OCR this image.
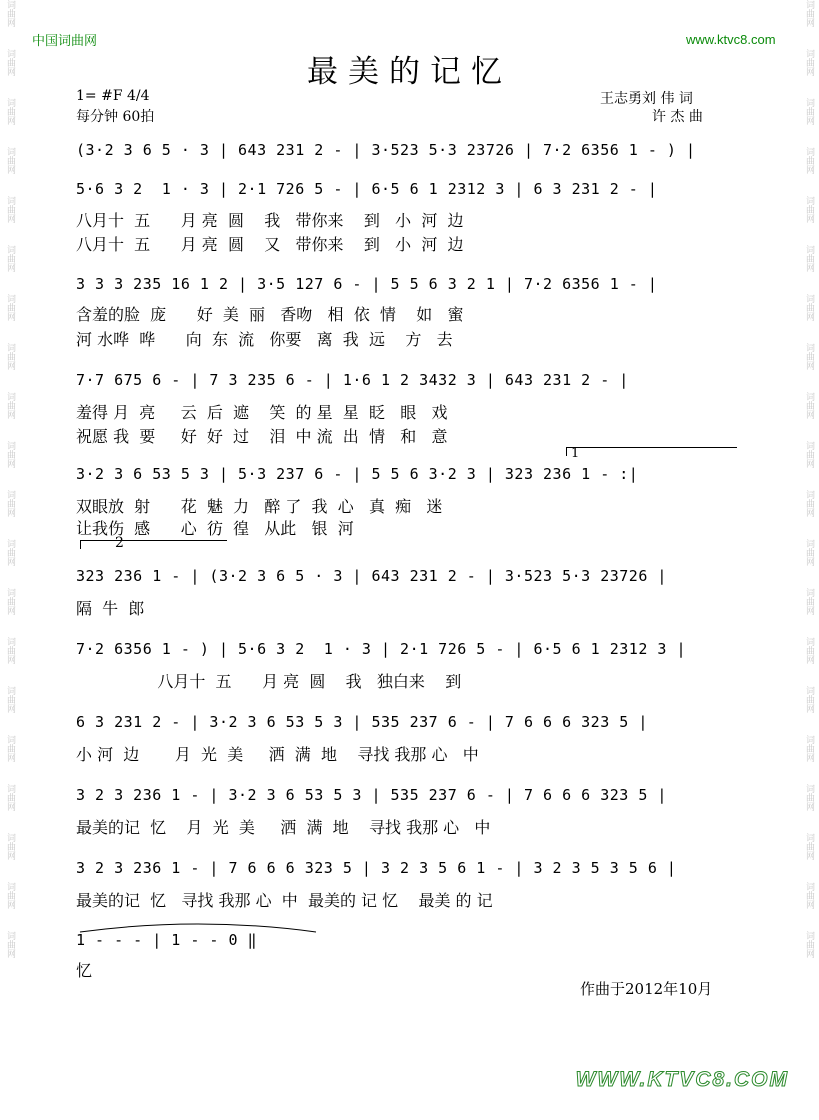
中国词曲网	www.ktvc8.com
最美的记忆
1= #F 4/4
每分钟 60拍
王志勇刘 伟 词
许 杰 曲
(3·2 3 6 5 · 3 | 643 231 2 - | 3·523 5·3 23726 | 7·2 6356 1 - ) |
5·6 3 2  1 · 3 | 2·1 726 5 - | 6·5 6 1 2312 3 | 6 3 231 2 - |
八月十  五      月 亮  圆    我   带你来    到   小  河  边
八月十  五      月 亮  圆    又   带你来    到   小  河  边
3 3 3 235 16 1 2 | 3·5 127 6 - | 5 5 6 3 2 1 | 7·2 6356 1 - |
含羞的脸  庞      好  美  丽   香吻   相  依  情    如   蜜
河 水哗  哗      向  东  流   你要   离  我  远    方   去
7·7 675 6 - | 7 3 235 6 - | 1·6 1 2 3432 3 | 643 231 2 - |
羞得 月  亮     云  后  遮    笑  的 星  星  眨   眼   戏
祝愿 我  要     好  好  过    泪  中 流  出  情   和   意
1
3·2 3 6 53 5 3 | 5·3 237 6 - | 5 5 6 3·2 3 | 323 236 1 - :|
双眼放  射      花  魅  力   醉 了  我  心   真  痴   迷
让我伤  感      心  彷  徨   从此   银  河
2
323 236 1 - | (3·2 3 6 5 · 3 | 643 231 2 - | 3·523 5·3 23726 |
隔  牛  郎
7·2 6356 1 - ) | 5·6 3 2  1 · 3 | 2·1 726 5 - | 6·5 6 1 2312 3 |
八月十  五      月 亮  圆    我   独白来    到
6 3 231 2 - | 3·2 3 6 53 5 3 | 535 237 6 - | 7 6 6 6 323 5 |
小 河  边       月  光  美     洒  满  地    寻找 我那 心   中
3 2 3 236 1 - | 3·2 3 6 53 5 3 | 535 237 6 - | 7 6 6 6 323 5 |
最美的记  忆    月  光  美     洒  满  地    寻找 我那 心   中
3 2 3 236 1 - | 7 6 6 6 323 5 | 3 2 3 5 6 1 - | 3 2 3 5 3 5 6 |
最美的记  忆   寻找 我那 心  中  最美的 记 忆    最美 的 记
1 - - - | 1 - - 0 ‖
忆
作曲于2012年10月
WWW.KTVC8.COM
词曲网
词曲网
词曲网
词曲网
词曲网
词曲网
词曲网
词曲网
词曲网
词曲网
词曲网
词曲网
词曲网
词曲网
词曲网
词曲网
词曲网
词曲网
词曲网
词曲网
词曲网
词曲网
词曲网
词曲网
词曲网
词曲网
词曲网
词曲网
词曲网
词曲网
词曲网
词曲网
词曲网
词曲网
词曲网
词曲网
词曲网
词曲网
词曲网
词曲网
